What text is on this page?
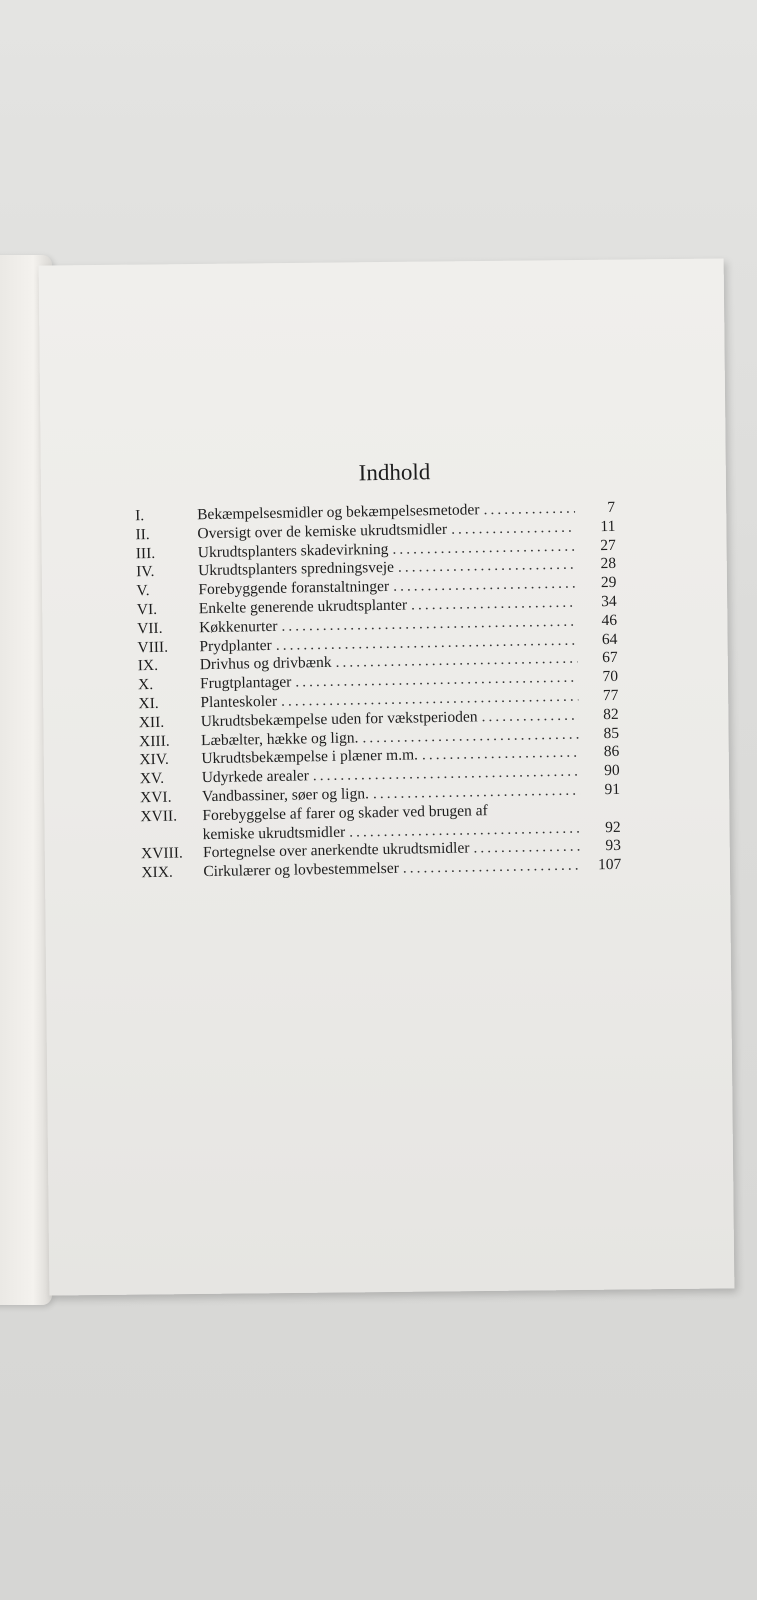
Indhold
I.	Bekæmpelsesmidler og bekæmpelsesmetoder .....	7
II.	Oversigt over de kemiske ukrudtsmidler .....	11
III.	Ukrudtsplanters skadevirkning .....	27
IV.	Ukrudtsplanters spredningsveje .....	28
V.	Forebyggende foranstaltninger .....	29
VI.	Enkelte generende ukrudtsplanter .....	34
VII.	Køkkenurter .....	46
VIII.	Prydplanter .....	64
IX.	Drivhus og drivbænk .....	67
X.	Frugtplantager .....	70
XI.	Planteskoler .....	77
XII.	Ukrudtsbekæmpelse uden for vækstperioden .....	82
XIII.	Læbælter, hække og lign. .....	85
XIV.	Ukrudtsbekæmpelse i plæner m.m. .....	86
XV.	Udyrkede arealer .....	90
XVI.	Vandbassiner, søer og lign. .....	91
XVII.	Forebyggelse af farer og skader ved brugen af
kemiske ukrudtsmidler .....	92
XVIII.	Fortegnelse over anerkendte ukrudtsmidler .....	93
XIX.	Cirkulærer og lovbestemmelser .....	107
